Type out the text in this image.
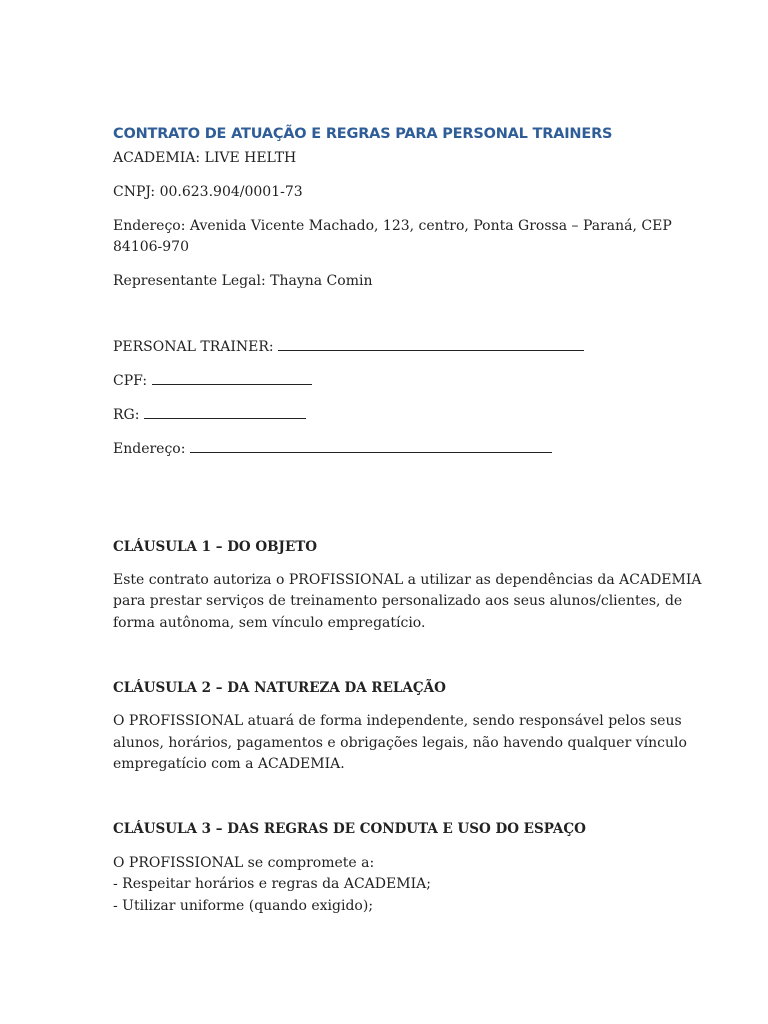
CONTRATO DE ATUAÇÃO E REGRAS PARA PERSONAL TRAINERS
ACADEMIA: LIVE HELTH
CNPJ: 00.623.904/0001-73
Endereço: Avenida Vicente Machado, 123, centro, Ponta Grossa – Paraná, CEP
84106-970
Representante Legal: Thayna Comin
PERSONAL TRAINER:
CPF:
RG:
Endereço:
CLÁUSULA 1 – DO OBJETO
Este contrato autoriza o PROFISSIONAL a utilizar as dependências da ACADEMIA
para prestar serviços de treinamento personalizado aos seus alunos/clientes, de
forma autônoma, sem vínculo empregatício.
CLÁUSULA 2 – DA NATUREZA DA RELAÇÃO
O PROFISSIONAL atuará de forma independente, sendo responsável pelos seus
alunos, horários, pagamentos e obrigações legais, não havendo qualquer vínculo
empregatício com a ACADEMIA.
CLÁUSULA 3 – DAS REGRAS DE CONDUTA E USO DO ESPAÇO
O PROFISSIONAL se compromete a:
- Respeitar horários e regras da ACADEMIA;
- Utilizar uniforme (quando exigido);
